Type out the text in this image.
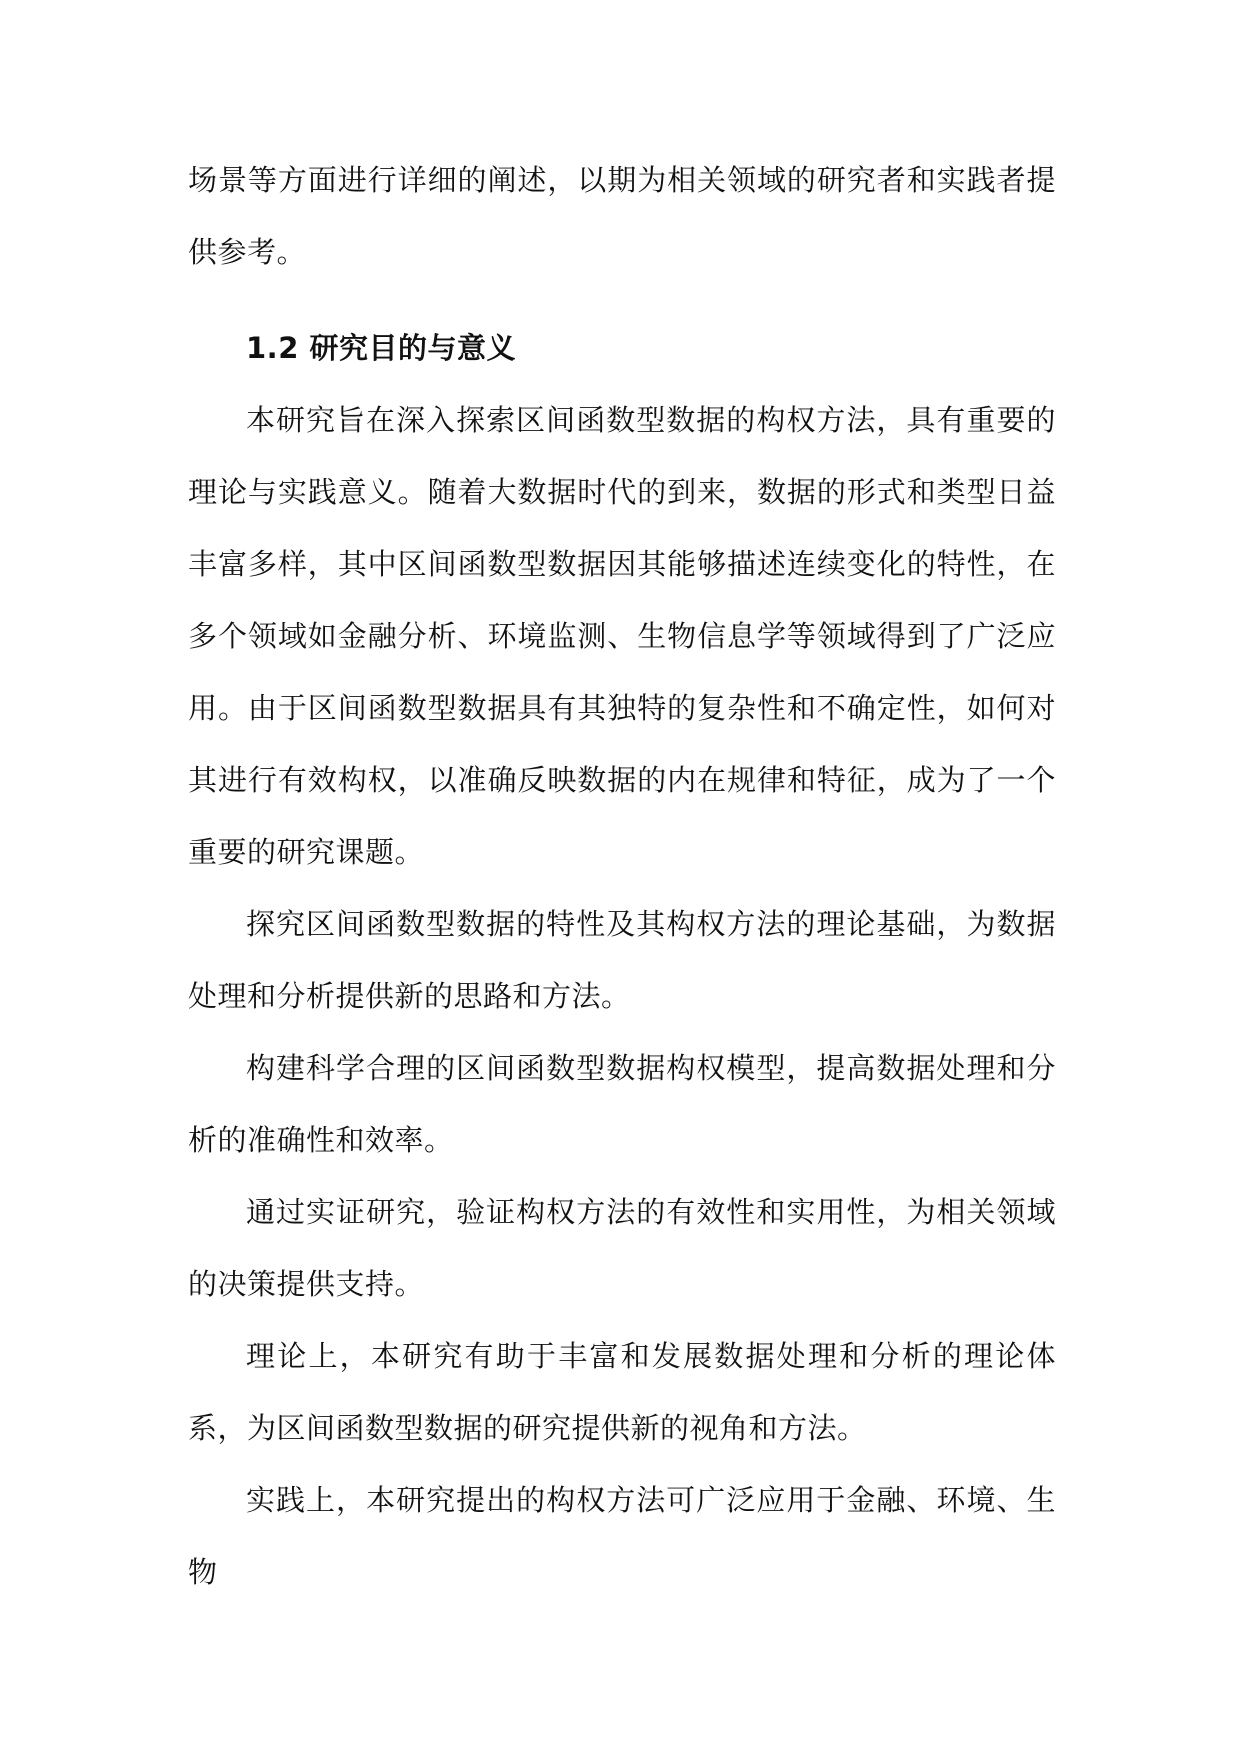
场景等方面进行详细的阐述，以期为相关领域的研究者和实践者提供参考。

1.2 研究目的与意义

本研究旨在深入探索区间函数型数据的构权方法，具有重要的理论与实践意义。随着大数据时代的到来，数据的形式和类型日益丰富多样，其中区间函数型数据因其能够描述连续变化的特性，在多个领域如金融分析、环境监测、生物信息学等领域得到了广泛应用。由于区间函数型数据具有其独特的复杂性和不确定性，如何对其进行有效构权，以准确反映数据的内在规律和特征，成为了一个重要的研究课题。

探究区间函数型数据的特性及其构权方法的理论基础，为数据处理和分析提供新的思路和方法。

构建科学合理的区间函数型数据构权模型，提高数据处理和分析的准确性和效率。

通过实证研究，验证构权方法的有效性和实用性，为相关领域的决策提供支持。

理论上，本研究有助于丰富和发展数据处理和分析的理论体系，为区间函数型数据的研究提供新的视角和方法。

实践上，本研究提出的构权方法可广泛应用于金融、环境、生物
